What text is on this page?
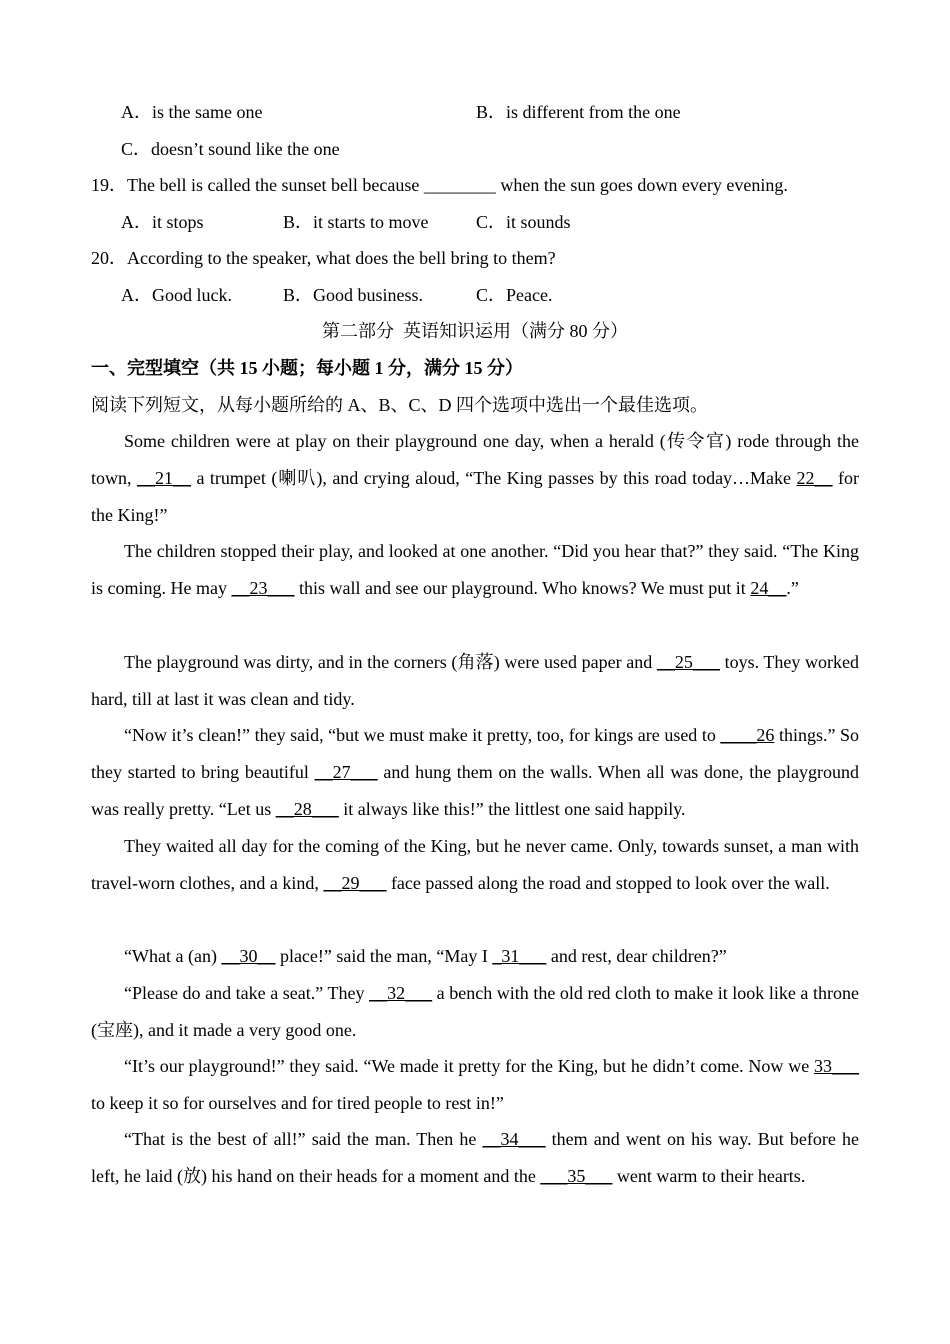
A．is the same one	B．is different from the one
C．doesn’t sound like the one
19．The bell is called the sunset bell because ________ when the sun goes down every evening.
A．it stops	B．it starts to move	C．it sounds
20．According to the speaker, what does the bell bring to them?
A．Good luck.	B．Good business.	C．Peace.
第二部分  英语知识运用（满分 80 分）
一、完型填空（共 15 小题；每小题 1 分，满分 15 分）
阅读下列短文，从每小题所给的 A、B、C、D 四个选项中选出一个最佳选项。

Some children were at play on their playground one day, when a herald (传令官) rode through the town, __21__ a trumpet (喇叭), and crying aloud, “The King passes by this road today…Make 22__ for the King!”

The children stopped their play, and looked at one another. “Did you hear that?” they said. “The King is coming. He may __23___ this wall and see our playground. Who knows? We must put it 24__.”

The playground was dirty, and in the corners (角落) were used paper and __25___ toys. They worked hard, till at last it was clean and tidy.

“Now it’s clean!” they said, “but we must make it pretty, too, for kings are used to ____26 things.” So they started to bring beautiful __27___ and hung them on the walls. When all was done, the playground was really pretty. “Let us __28___ it always like this!” the littlest one said happily.

They waited all day for the coming of the King, but he never came. Only, towards sunset, a man with travel-worn clothes, and a kind, __29___ face passed along the road and stopped to look over the wall.

“What a (an) __30__ place!” said the man, “May I _31___ and rest, dear children?”

“Please do and take a seat.” They __32___ a bench with the old red cloth to make it look like a throne (宝座), and it made a very good one.

“It’s our playground!” they said. “We made it pretty for the King, but he didn’t come. Now we 33___ to keep it so for ourselves and for tired people to rest in!”

“That is the best of all!” said the man. Then he __34___ them and went on his way. But before he left, he laid (放) his hand on their heads for a moment and the ___35___ went warm to their hearts.
